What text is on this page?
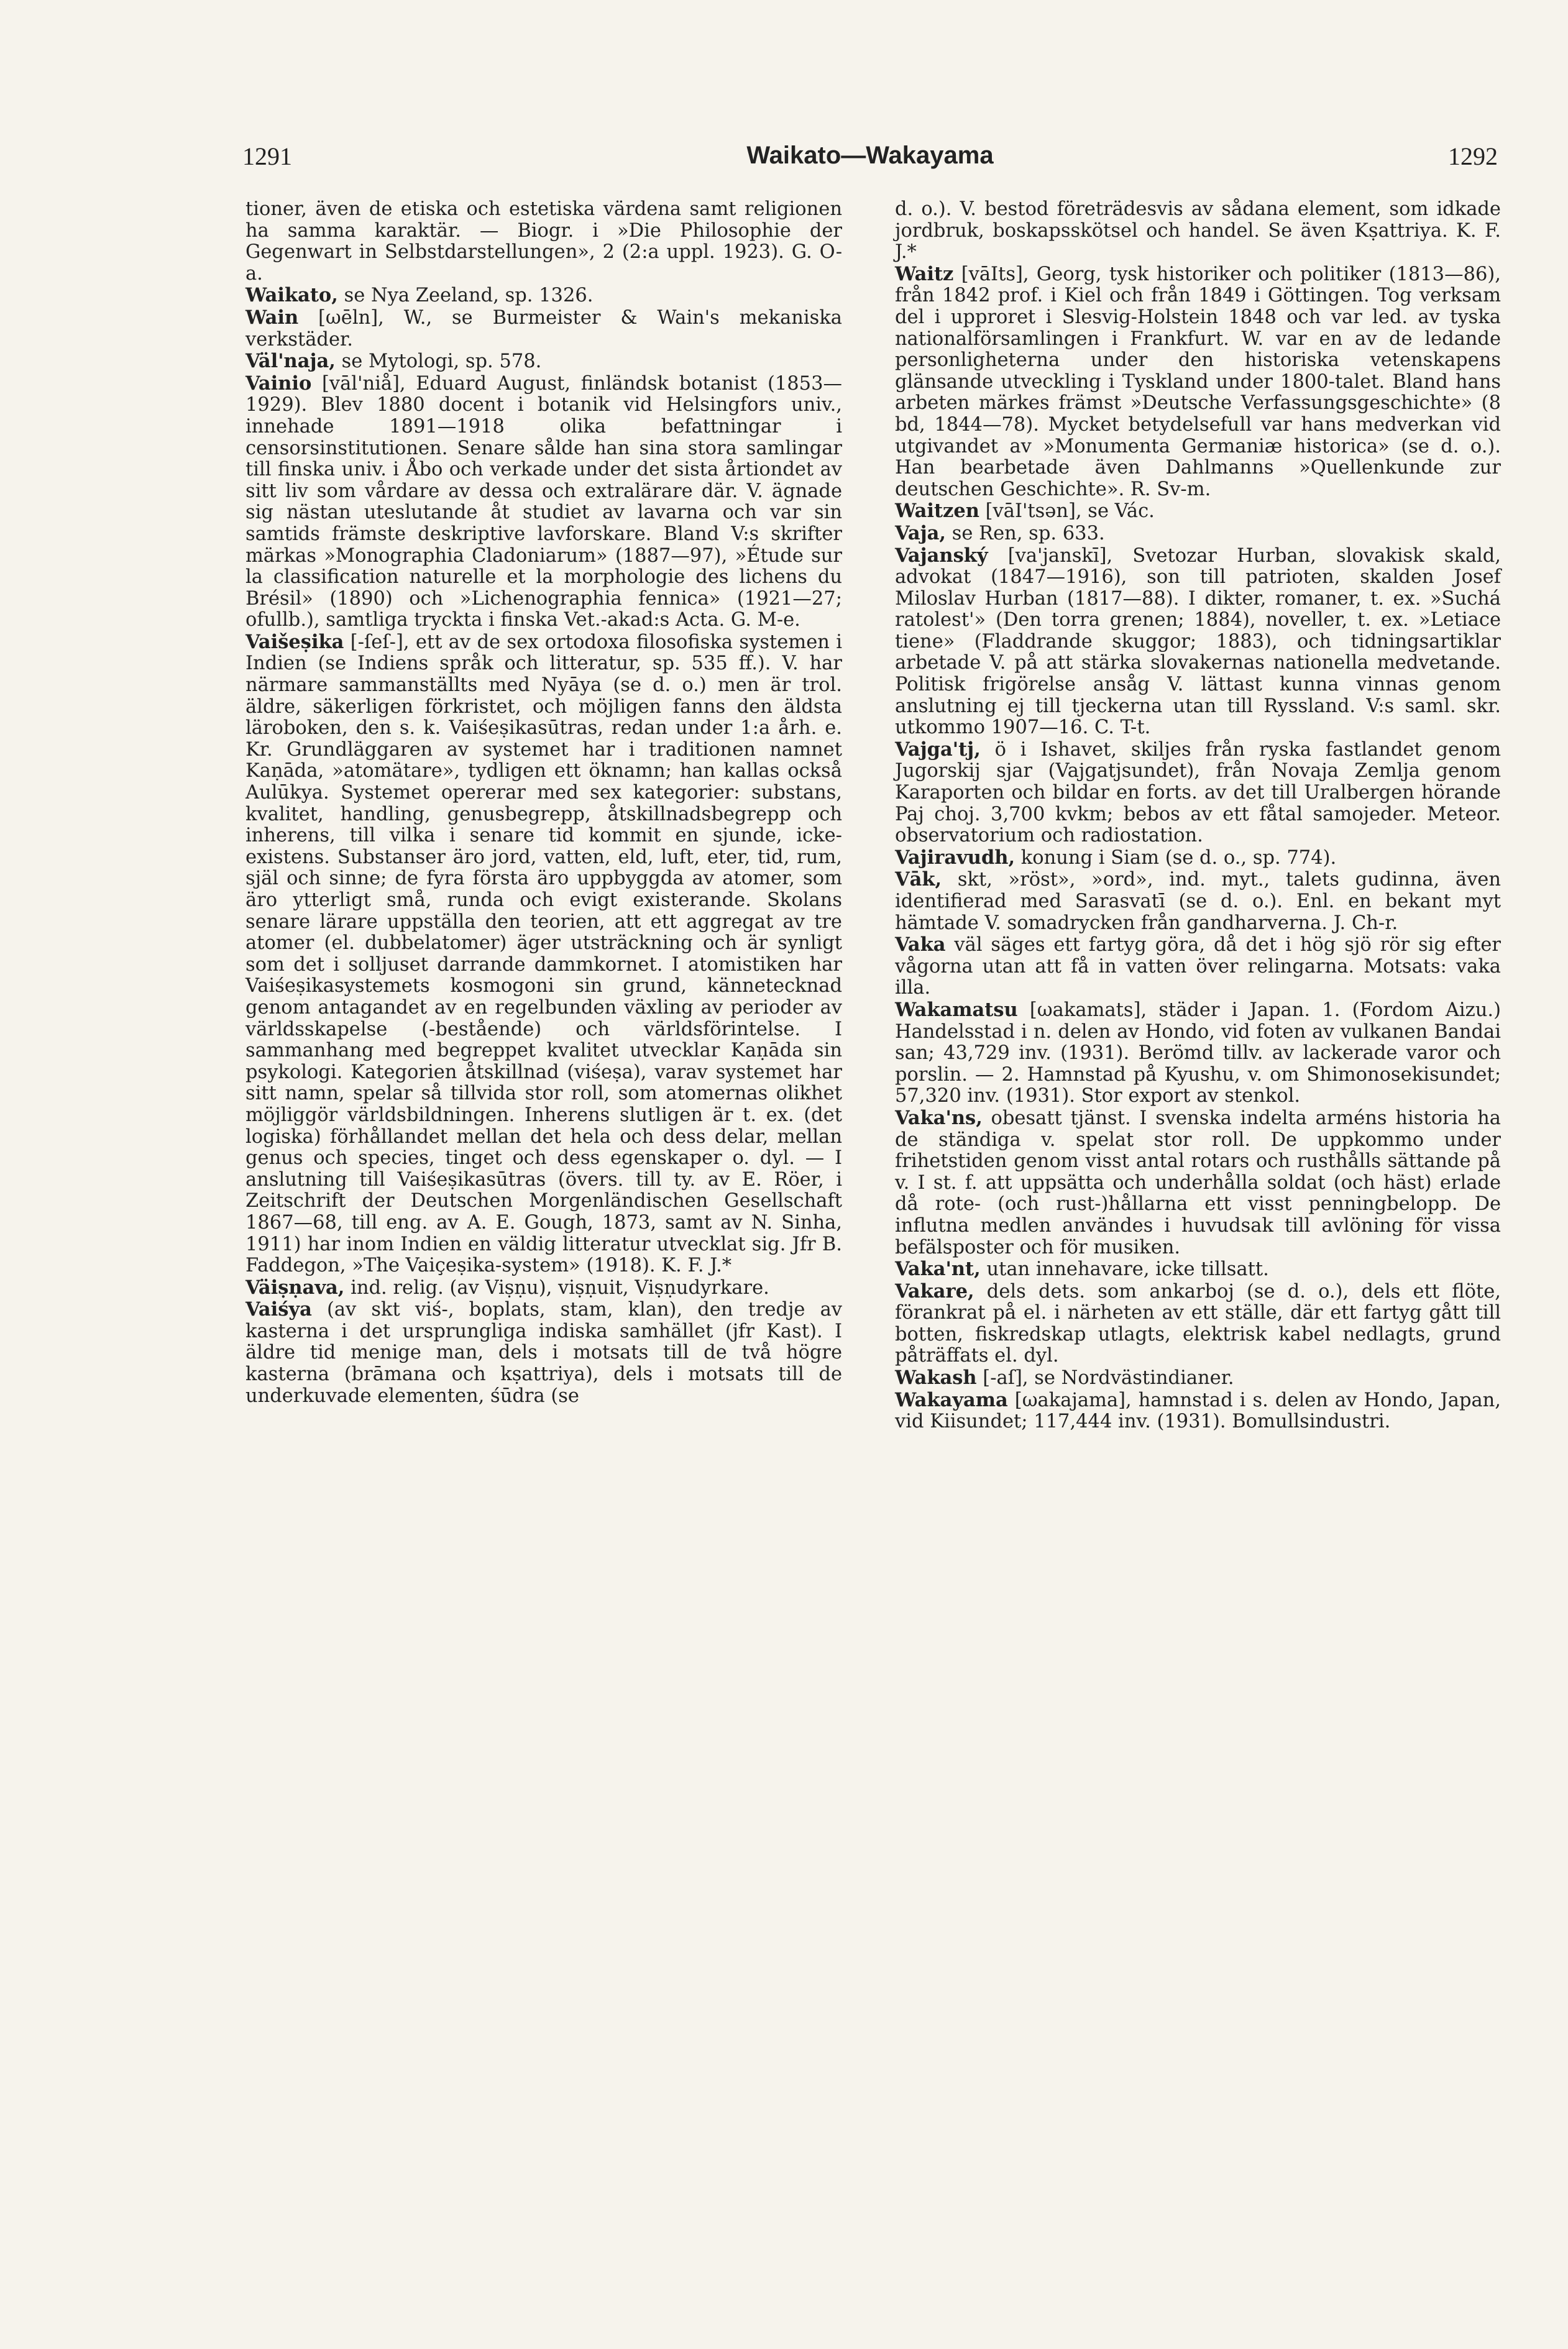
1291	Waikato—Wakayama	1292

tioner, även de etiska och estetiska värdena samt religionen ha samma karaktär. — Biogr. i »Die Philosophie der Gegenwart in Selbstdarstellungen», 2 (2:a uppl. 1923). G. O-a.

Waikato, se Nya Zeeland, sp. 1326.

Wain [ωēln], W., se Burmeister & Wain's mekaniska verkstäder.

Väl'naja, se Mytologi, sp. 578.

Vainio [vāl'niå], Eduard August, finländsk botanist (1853—1929). Blev 1880 docent i botanik vid Helsingfors univ., innehade 1891—1918 olika befattningar i censorsinstitutionen. Senare sålde han sina stora samlingar till finska univ. i Åbo och verkade under det sista årtiondet av sitt liv som vårdare av dessa och extralärare där. V. ägnade sig nästan uteslutande åt studiet av lavarna och var sin samtids främste deskriptive lavforskare. Bland V:s skrifter märkas »Monographia Cladoniarum» (1887—97), »Étude sur la classification naturelle et la morphologie des lichens du Brésil» (1890) och »Lichenographia fennica» (1921—27; ofullb.), samtliga tryckta i finska Vet.-akad:s Acta. G. M-e.

Vaišeṣika [-ſeſ-], ett av de sex ortodoxa filosofiska systemen i Indien (se Indiens språk och litteratur, sp. 535 ff.). V. har närmare sammanställts med Nyāya (se d. o.) men är trol. äldre, säkerligen förkristet, och möjligen fanns den äldsta läroboken, den s. k. Vaiśeṣikasūtras, redan under 1:a årh. e. Kr. Grundläggaren av systemet har i traditionen namnet Kaṇāda, »atomätare», tydligen ett öknamn; han kallas också Aulūkya. Systemet opererar med sex kategorier: substans, kvalitet, handling, genusbegrepp, åtskillnadsbegrepp och inherens, till vilka i senare tid kommit en sjunde, icke-existens. Substanser äro jord, vatten, eld, luft, eter, tid, rum, själ och sinne; de fyra första äro uppbyggda av atomer, som äro ytterligt små, runda och evigt existerande. Skolans senare lärare uppställa den teorien, att ett aggregat av tre atomer (el. dubbelatomer) äger utsträckning och är synligt som det i solljuset darrande dammkornet. I atomistiken har Vaiśeṣikasystemets kosmogoni sin grund, kännetecknad genom antagandet av en regelbunden växling av perioder av världsskapelse (-bestående) och världsförintelse. I sammanhang med begreppet kvalitet utvecklar Kaṇāda sin psykologi. Kategorien åtskillnad (viśeṣa), varav systemet har sitt namn, spelar så tillvida stor roll, som atomernas olikhet möjliggör världsbildningen. Inherens slutligen är t. ex. (det logiska) förhållandet mellan det hela och dess delar, mellan genus och species, tinget och dess egenskaper o. dyl. — I anslutning till Vaiśeṣikasūtras (övers. till ty. av E. Röer, i Zeitschrift der Deutschen Morgenländischen Gesellschaft 1867—68, till eng. av A. E. Gough, 1873, samt av N. Sinha, 1911) har inom Indien en väldig litteratur utvecklat sig. Jfr B. Faddegon, »The Vaiçeṣika-system» (1918). K. F. J.*

Väiṣṇava, ind. relig. (av Viṣṇu), viṣṇuit, Viṣṇudyrkare.

Vaiśya (av skt viś-, boplats, stam, klan), den tredje av kasterna i det ursprungliga indiska samhället (jfr Kast). I äldre tid menige man, dels i motsats till de två högre kasterna (brāmana och kṣattriya), dels i motsats till de underkuvade elementen, śūdra (se

d. o.). V. bestod företrädesvis av sådana element, som idkade jordbruk, boskapsskötsel och handel. Se även Kṣattriya. K. F. J.*

Waitz [vāIts], Georg, tysk historiker och politiker (1813—86), från 1842 prof. i Kiel och från 1849 i Göttingen. Tog verksam del i upproret i Slesvig-Holstein 1848 och var led. av tyska nationalförsamlingen i Frankfurt. W. var en av de ledande personligheterna under den historiska vetenskapens glänsande utveckling i Tyskland under 1800-talet. Bland hans arbeten märkes främst »Deutsche Verfassungsgeschichte» (8 bd, 1844—78). Mycket betydelsefull var hans medverkan vid utgivandet av »Monumenta Germaniæ historica» (se d. o.). Han bearbetade även Dahlmanns »Quellenkunde zur deutschen Geschichte». R. Sv-m.

Waitzen [vāI'tsən], se Vác.

Vaja, se Ren, sp. 633.

Vajanský [va'janskī], Svetozar Hurban, slovakisk skald, advokat (1847—1916), son till patrioten, skalden Josef Miloslav Hurban (1817—88). I dikter, romaner, t. ex. »Suchá ratolest'» (Den torra grenen; 1884), noveller, t. ex. »Letiace tiene» (Fladdrande skuggor; 1883), och tidningsartiklar arbetade V. på att stärka slovakernas nationella medvetande. Politisk frigörelse ansåg V. lättast kunna vinnas genom anslutning ej till tjeckerna utan till Ryssland. V:s saml. skr. utkommo 1907—16. C. T-t.

Vajga'tj, ö i Ishavet, skiljes från ryska fastlandet genom Jugorskij sjar (Vajgatjsundet), från Novaja Zemlja genom Karaporten och bildar en forts. av det till Uralbergen hörande Paj choj. 3,700 kvkm; bebos av ett fåtal samojeder. Meteor. observatorium och radiostation.

Vajiravudh, konung i Siam (se d. o., sp. 774).

Vāk, skt, »röst», »ord», ind. myt., talets gudinna, även identifierad med Sarasvatī (se d. o.). Enl. en bekant myt hämtade V. somadrycken från gandharverna. J. Ch-r.

Vaka väl säges ett fartyg göra, då det i hög sjö rör sig efter vågorna utan att få in vatten över relingarna. Motsats: vaka illa.

Wakamatsu [ωakamats], städer i Japan. 1. (Fordom Aizu.) Handelsstad i n. delen av Hondo, vid foten av vulkanen Bandai san; 43,729 inv. (1931). Berömd tillv. av lackerade varor och porslin. — 2. Hamnstad på Kyushu, v. om Shimonosekisundet; 57,320 inv. (1931). Stor export av stenkol.

Vaka'ns, obesatt tjänst. I svenska indelta arméns historia ha de ständiga v. spelat stor roll. De uppkommo under frihetstiden genom visst antal rotars och rusthålls sättande på v. I st. f. att uppsätta och underhålla soldat (och häst) erlade då rote- (och rust-)hållarna ett visst penningbelopp. De influtna medlen användes i huvudsak till avlöning för vissa befälsposter och för musiken.

Vaka'nt, utan innehavare, icke tillsatt.

Vakare, dels dets. som ankarboj (se d. o.), dels ett flöte, förankrat på el. i närheten av ett ställe, där ett fartyg gått till botten, fiskredskap utlagts, elektrisk kabel nedlagts, grund påträffats el. dyl.

Wakash [-aſ], se Nordvästindianer.

Wakayama [ωakajama], hamnstad i s. delen av Hondo, Japan, vid Kiisundet; 117,444 inv. (1931). Bomullsindustri.
